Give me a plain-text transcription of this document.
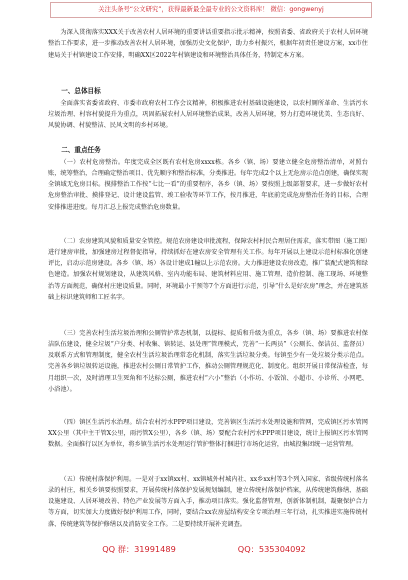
关注头条号“公文研究”，获得最新最全最专业的公文资料库！ 微信：gongwenyj
为深入贯彻落实XXX关于改善农村人居环境的重要讲话重要指示批示精神，按照省委、省政府关于农村人居环境整治工作要求，进一步推动改善农村人居环境，加强历史文化保护，助力乡村振兴，根据年初责任建设方案，xx市住建局关于村镇建设工作安排，明确XX区2022年村镇建设和环境整治具体任务，特制定本方案。
一、总体目标
全面落实省委省政府、市委市政府农村工作会议精神，积极推进农村基础设施建设，以农村厕所革命、生活污水垃圾治理、村容村貌提升为重点，巩固拓展农村人居环境整治成果，改善人居环境，努力打造环境优美、生态良好、风貌协调、村貌整洁、民风文明的乡村环境。
二、重点任务
（一）农村危房整治。年度完成全区既有农村危房xxxx栋。各乡（镇、场）要建立健全危房整治清单，对照台账，统筹整治，合理确定整治项目、优先顺序和整治标准，分类推进。每年完成2个以上无危房示范点创建，确保实现全镇域无危房目标。摸排整治工作按“七比一看”的重要程序，各乡（镇、场）要按照上级部署要求，进一步做好农村危房整治审批、摸排登记、设计建设监管、竣工验收等环节工作，按月推进，年底前完成危房整治任务的目标，合理安排推进进度。每月汇总上报完成整治危房数量。
（二）农房建筑风貌和质量安全管控。规范农房建设审批流程，保障农村村民合理居住需求，落实带图（施工图）进行建房审批，加强建房过程督促指导，持续抓好在建农房安全管理有关工作。每年开展以上建设示范村标准化创建评比，启动示范房建设。各乡（镇、场）各设计建成1幢以上示范农房。大力推进建设农房改造，推广装配式建筑和绿色建造。加强农村规划建设，从建筑风格、室内功能布局、建筑材料应用、施工管理、造价控制、施工现场、环境整治等方面规范，确保村庄建设质量。同时，环境最小干预等7个方面进行示范，引导“什么是好农房”理念，并在建筑基础上标识建筑师和工匠名字。
（三）完善农村生活垃圾治理和公厕管护常态机制，以提标、提质和升级为重点，各乡（镇、场）要推进农村保洁队伍建设，健全垃圾“户分类、村收集、镇转运、县处理”管理模式，完善“一长两员”（公厕长、保洁员、监督员）及联系方式和管理制度，健全农村生活垃圾治理常态化机制，落实生活垃圾分类。每镇至少有一处垃圾分类示范点。完善各乡镇垃圾转运设施，推进农村公厕日常管护工作，推动公厕管理规范化、制度化。组织开展日常保洁检查，每月组织一次，及时清理卫生死角和不达标公厕，推进农村“六小”整治（小作坊、小饭馆、小超市、小诊所、小网吧、小浴池）。
（四）镇区生活污水治理。结合农村污水PPP项目建设，完善镇区生活污水处理设施和管网，完成镇区污水管网XX公里（其中主干管X公里，雨污管X公里），各乡（镇、场）要配合农村污水PPP项目建设，统计上报镇区污水管网数据。全面推行以区为单位，将乡镇生活污水处理运行管护整体打捆进行市场化运营，由城投集团统一运营管理。
（五）传统村落保护利用。一是对于xx镇xx村、xx镇城外村城内社、xx乡xx村等3个列入国家、省级传统村落名录的村庄，相关乡镇要按照要求，开展传统村落保护发展规划编制，建立传统村落保护档案，从传统建筑修缮、基础设施建设、人居环境改善、特色产业发展等方面入手，推动项目落实。强化监督管理，创新体制机制，凝聚保护合力等方面，切实加大力度做好保护利用工作，同时，要结合xx农房屋结构安全专项治理三年行动，扎实推进实施传统村落、传统建筑等保护修缮以及消防安全工作。二是要持续开展补充调查。
QQ 群：31991489	QQ：535304092
